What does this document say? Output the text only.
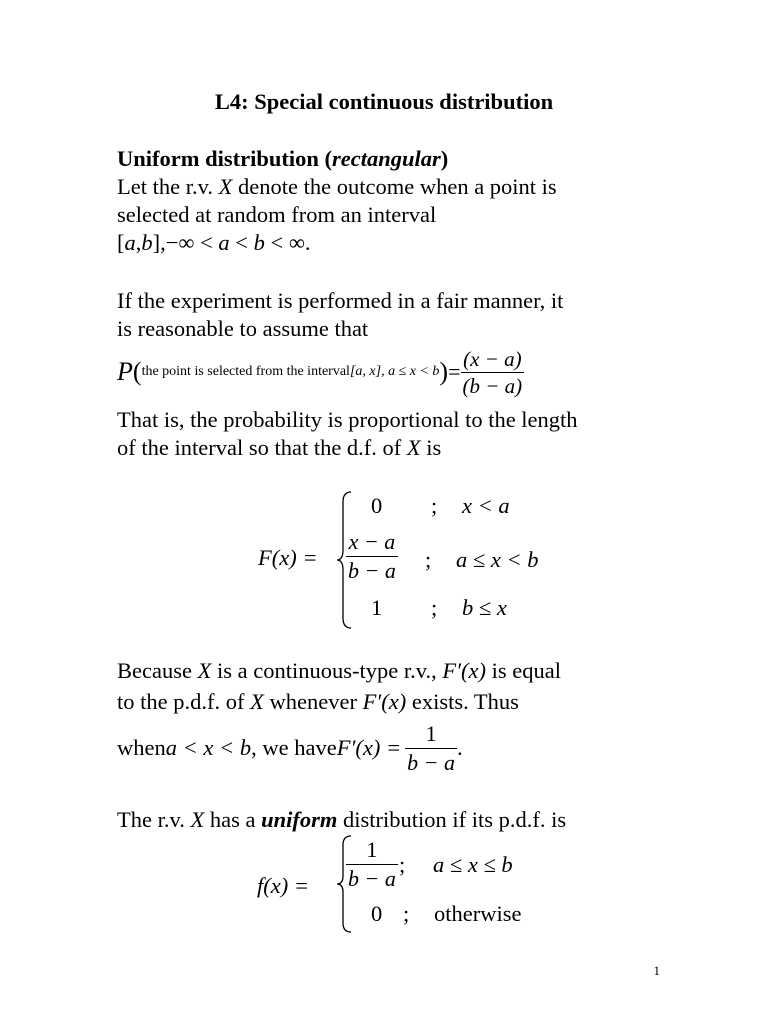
L4: Special continuous distribution
Uniform distribution (rectangular)
Let the r.v. X denote the outcome when a point is
selected at random from an interval
[a,b],−∞ < a < b < ∞.
If the experiment is performed in a fair manner, it
is reasonable to assume that
P ( the point is selected from the interval [a, x], a ≤ x < b ) = $\frac{(x - a)}{(b - a)}$
That is, the probability is proportional to the length
of the interval so that the d.f. of X is
F(x) =
0 ; x < a
$\frac{x - a}{b - a}$ ; a ≤ x < b
1 ; b ≤ x
Because X is a continuous-type r.v., F′(x) is equal
to the p.d.f. of X whenever F′(x) exists. Thus
when a < x < b , we have $F'(x) = \frac{1}{b - a}$ .
The r.v. X has a uniform distribution if its p.d.f. is
$f(x) = \frac{1}{b - a}$ ; a ≤ x ≤ b
0 ; otherwise
1
